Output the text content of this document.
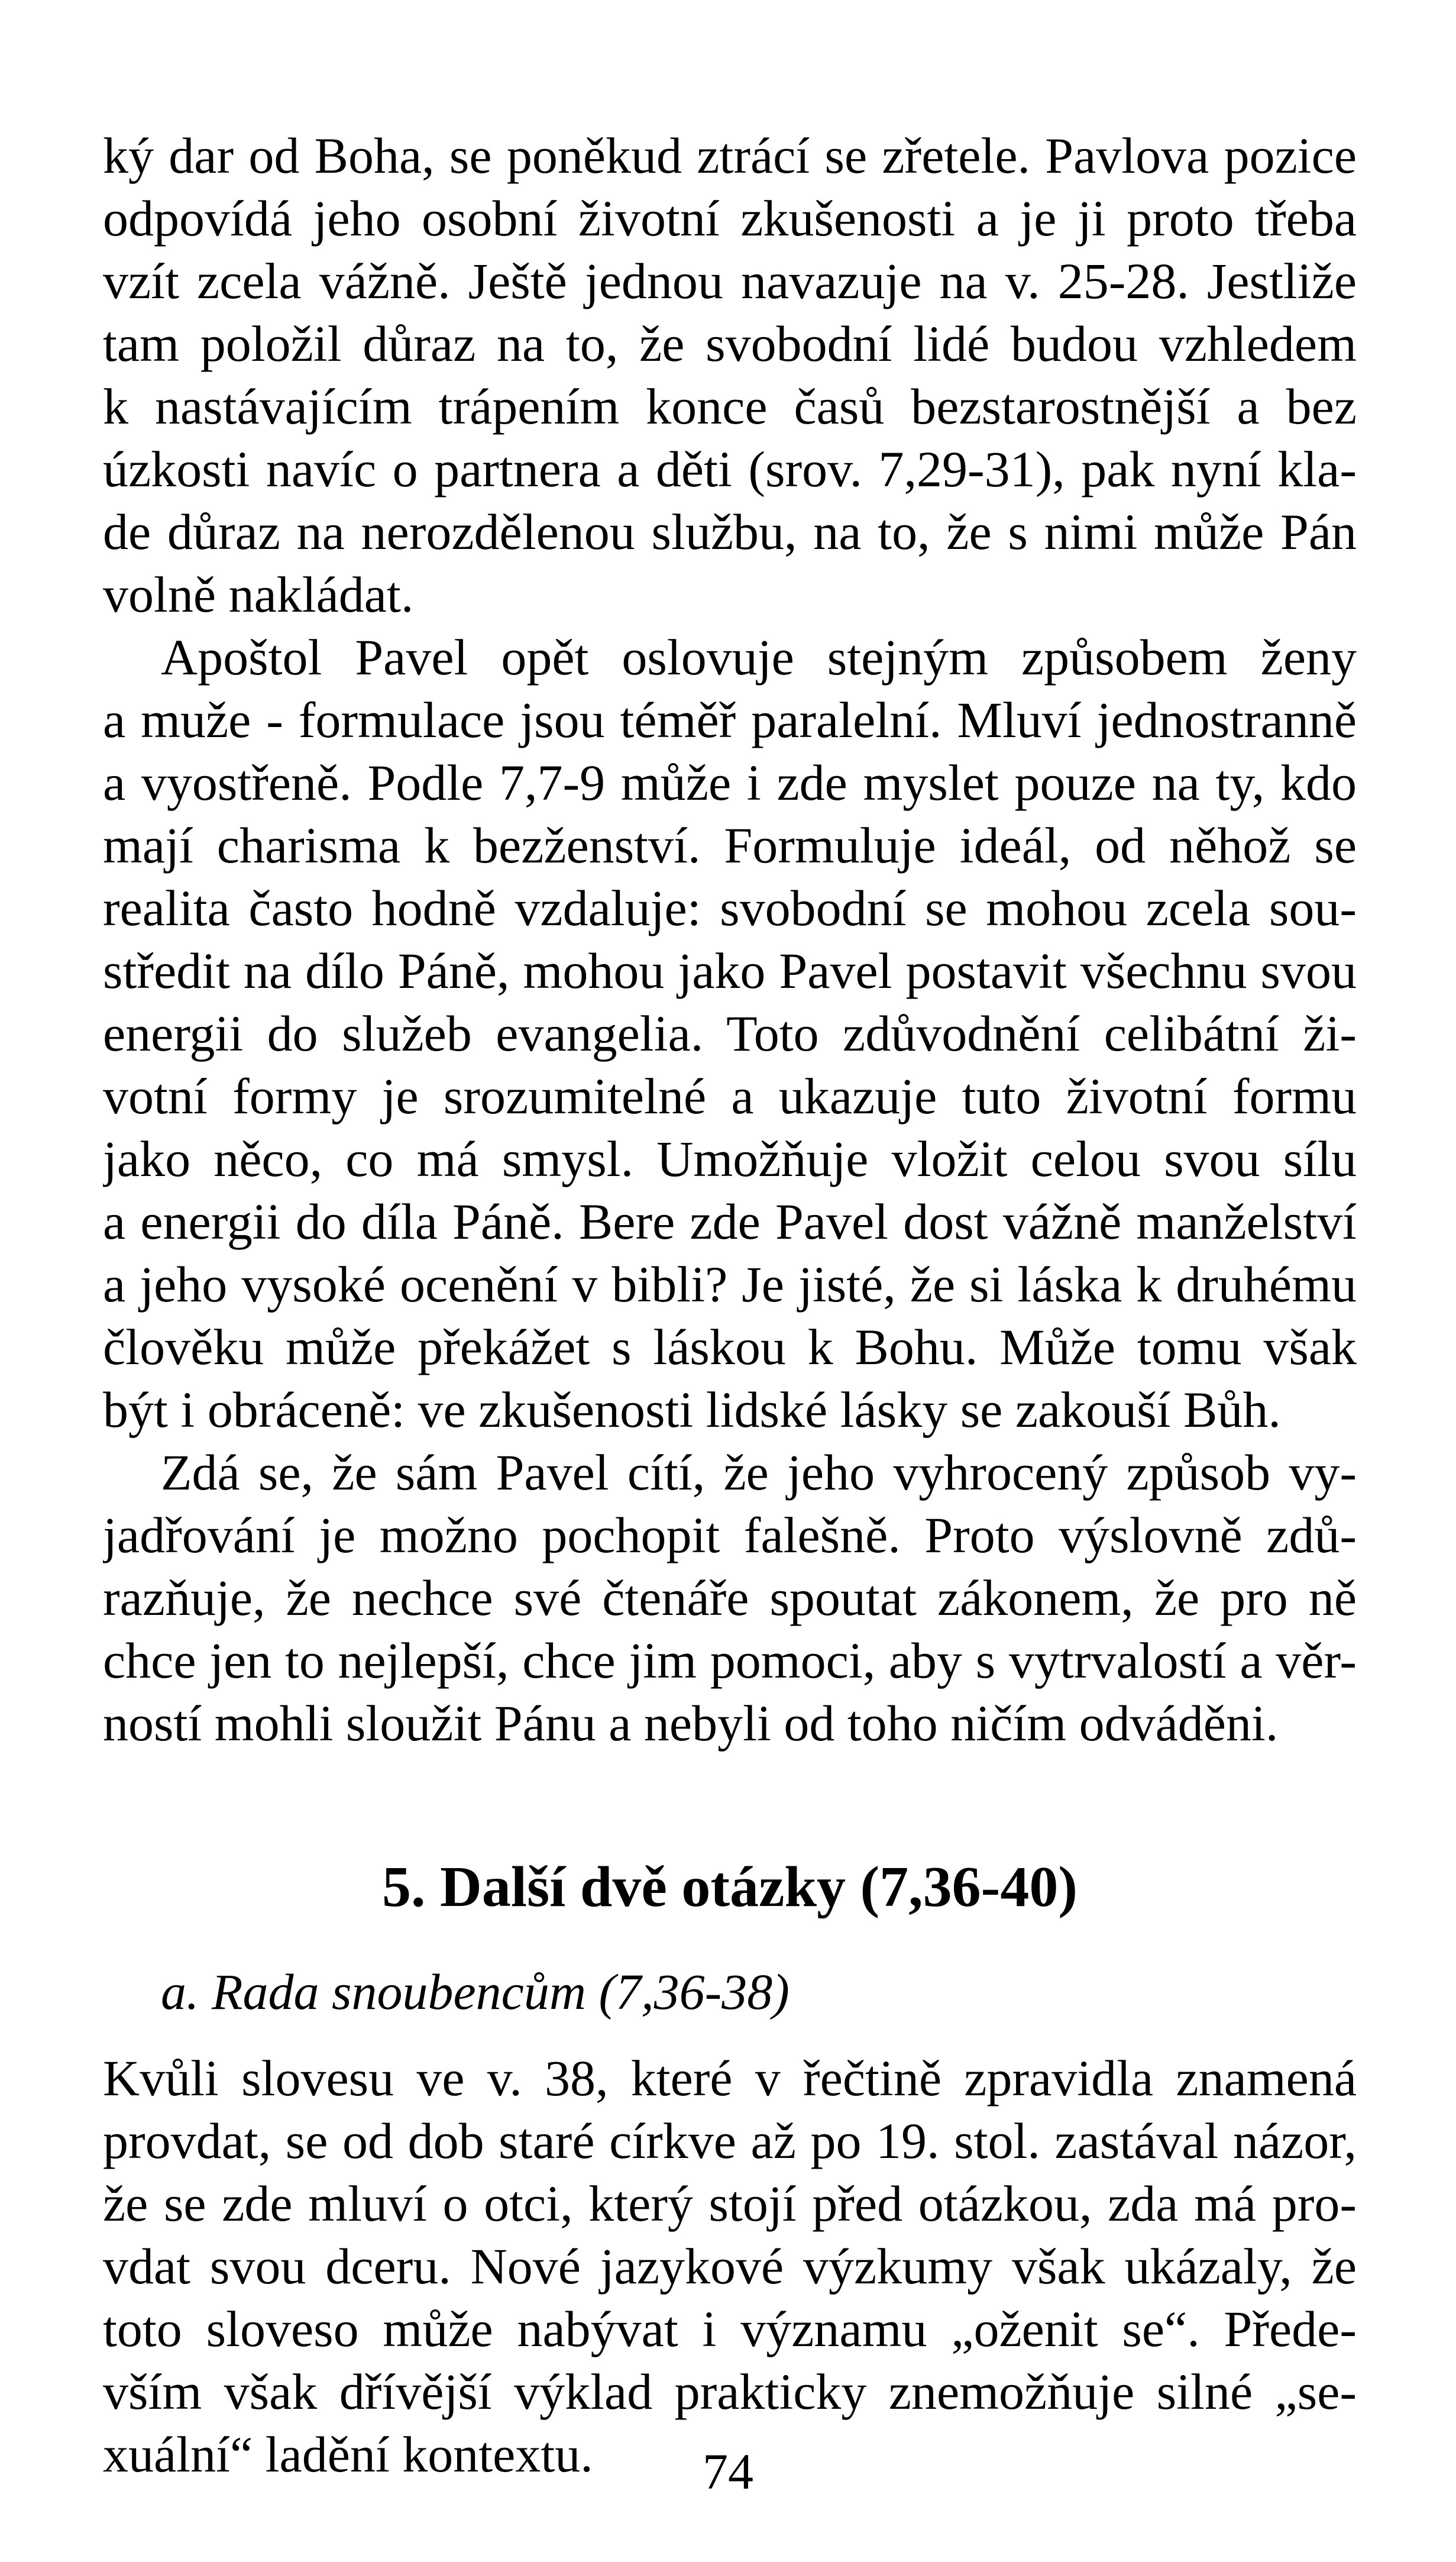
ký dar od Boha, se poněkud ztrácí se zřetele. Pavlova pozice
odpovídá jeho osobní životní zkušenosti a je ji proto třeba
vzít zcela vážně. Ještě jednou navazuje na v. 25-28. Jestliže
tam položil důraz na to, že svobodní lidé budou vzhledem
k nastávajícím trápením konce časů bezstarostnější a bez
úzkosti navíc o partnera a děti (srov. 7,29-31), pak nyní kla-
de důraz na nerozdělenou službu, na to, že s nimi může Pán
volně nakládat.
Apoštol Pavel opět oslovuje stejným způsobem ženy
a muže - formulace jsou téměř paralelní. Mluví jednostranně
a vyostřeně. Podle 7,7-9 může i zde myslet pouze na ty, kdo
mají charisma k bezženství. Formuluje ideál, od něhož se
realita často hodně vzdaluje: svobodní se mohou zcela sou-
středit na dílo Páně, mohou jako Pavel postavit všechnu svou
energii do služeb evangelia. Toto zdůvodnění celibátní ži-
votní formy je srozumitelné a ukazuje tuto životní formu
jako něco, co má smysl. Umožňuje vložit celou svou sílu
a energii do díla Páně. Bere zde Pavel dost vážně manželství
a jeho vysoké ocenění v bibli? Je jisté, že si láska k druhému
člověku může překážet s láskou k Bohu. Může tomu však
být i obráceně: ve zkušenosti lidské lásky se zakouší Bůh.
Zdá se, že sám Pavel cítí, že jeho vyhrocený způsob vy-
jadřování je možno pochopit falešně. Proto výslovně zdů-
razňuje, že nechce své čtenáře spoutat zákonem, že pro ně
chce jen to nejlepší, chce jim pomoci, aby s vytrvalostí a věr-
ností mohli sloužit Pánu a nebyli od toho ničím odváděni.
5. Další dvě otázky (7,36-40)
a. Rada snoubencům (7,36-38)
Kvůli slovesu ve v. 38, které v řečtině zpravidla znamená
provdat, se od dob staré církve až po 19. stol. zastával názor,
že se zde mluví o otci, který stojí před otázkou, zda má pro-
vdat svou dceru. Nové jazykové výzkumy však ukázaly, že
toto sloveso může nabývat i významu „oženit se“. Přede-
vším však dřívější výklad prakticky znemožňuje silné „se-
xuální“ ladění kontextu.	74
